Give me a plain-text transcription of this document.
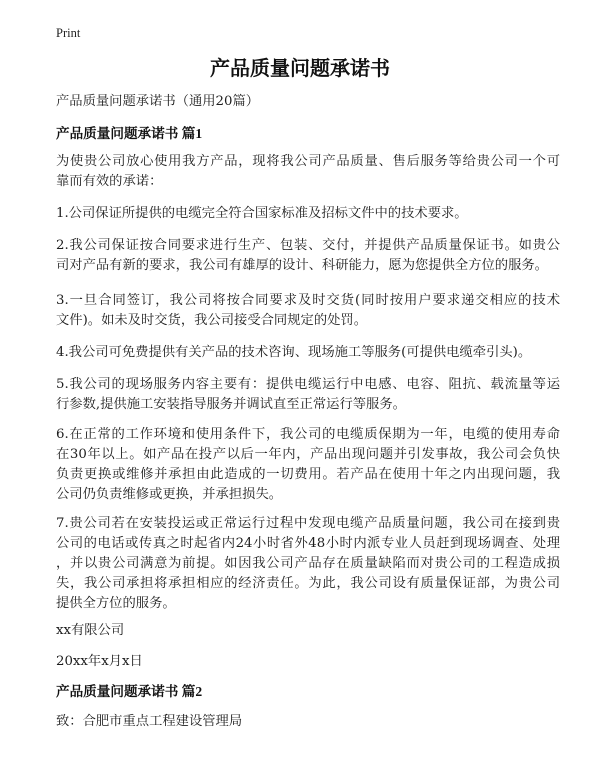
Print
产品质量问题承诺书
产品质量问题承诺书（通用20篇）
产品质量问题承诺书 篇1
为使贵公司放心使用我方产品，现将我公司产品质量、售后服务等给贵公司一个可
靠而有效的承诺：
1.公司保证所提供的电缆完全符合国家标准及招标文件中的技术要求。
2.我公司保证按合同要求进行生产、包装、交付，并提供产品质量保证书。如贵公
司对产品有新的要求，我公司有雄厚的设计、科研能力，愿为您提供全方位的服务。
3.一旦合同签订，我公司将按合同要求及时交货(同时按用户要求递交相应的技术
文件)。如未及时交货，我公司接受合同规定的处罚。
4.我公司可免费提供有关产品的技术咨询、现场施工等服务(可提供电缆牵引头)。
5.我公司的现场服务内容主要有：提供电缆运行中电感、电容、阻抗、载流量等运
行参数,提供施工安装指导服务并调试直至正常运行等服务。
6.在正常的工作环境和使用条件下，我公司的电缆质保期为一年，电缆的使用寿命
在30年以上。如产品在投产以后一年内，产品出现问题并引发事故，我公司会负快
负责更换或维修并承担由此造成的一切费用。若产品在使用十年之内出现问题，我
公司仍负责维修或更换，并承担损失。
7.贵公司若在安装投运或正常运行过程中发现电缆产品质量问题，我公司在接到贵
公司的电话或传真之时起省内24小时省外48小时内派专业人员赶到现场调查、处理
，并以贵公司满意为前提。如因我公司产品存在质量缺陷而对贵公司的工程造成损
失，我公司承担将承担相应的经济责任。为此，我公司设有质量保证部，为贵公司
提供全方位的服务。
xx有限公司
20xx年x月x日
产品质量问题承诺书 篇2
致：合肥市重点工程建设管理局
